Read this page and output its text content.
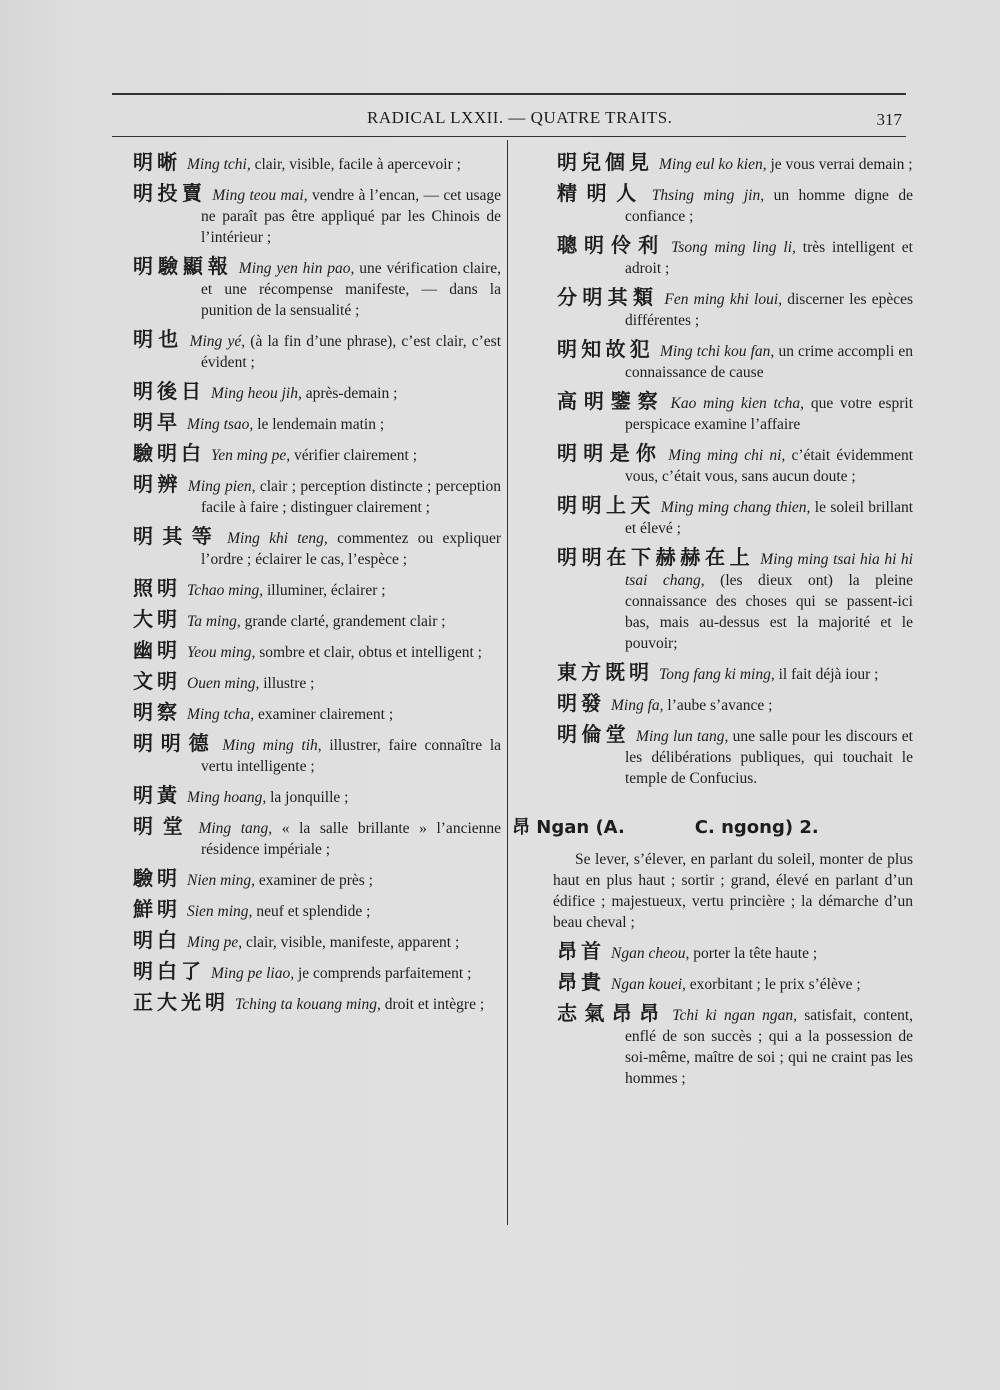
RADICAL LXXII. — QUATRE TRAITS.	317
明晰 Ming tchi, clair, visible, facile à apercevoir ;
明投賣 Ming teou mai, vendre à l’encan, — cet usage ne paraît pas être appliqué par les Chinois de l’intérieur ;
明驗顯報 Ming yen hin pao, une vérification claire, et une récompense manifeste, — dans la punition de la sensualité ;
明也 Ming yé, (à la fin d’une phrase), c’est clair, c’est évident ;
明後日 Ming heou jih, après-demain ;
明早 Ming tsao, le lendemain matin ;
驗明白 Yen ming pe, vérifier clairement ;
明辨 Ming pien, clair ; perception distincte ; perception facile à faire ; distinguer clairement ;
明其等 Ming khi teng, commentez ou expliquer l’ordre ; éclairer le cas, l’espèce ;
照明 Tchao ming, illuminer, éclairer ;
大明 Ta ming, grande clarté, grandement clair ;
幽明 Yeou ming, sombre et clair, obtus et intelligent ;
文明 Ouen ming, illustre ;
明察 Ming tcha, examiner clairement ;
明明德 Ming ming tih, illustrer, faire connaître la vertu intelligente ;
明黃 Ming hoang, la jonquille ;
明堂 Ming tang, « la salle brillante » l’ancienne résidence impériale ;
驗明 Nien ming, examiner de près ;
鮮明 Sien ming, neuf et splendide ;
明白 Ming pe, clair, visible, manifeste, apparent ;
明白了 Ming pe liao, je comprends parfaitement ;
正大光明 Tching ta kouang ming, droit et intègre ;
明兒個見 Ming eul ko kien, je vous verrai demain ;
精明人 Thsing ming jin, un homme digne de confiance ;
聰明伶利 Tsong ming ling li, très intelligent et adroit ;
分明其類 Fen ming khi loui, discerner les epèces différentes ;
明知故犯 Ming tchi kou fan, un crime accompli en connaissance de cause
高明鑒察 Kao ming kien tcha, que votre esprit perspicace examine l’affaire
明明是你 Ming ming chi ni, c’était évidemment vous, c’était vous, sans aucun doute ;
明明上天 Ming ming chang thien, le soleil brillant et élevé ;
明明在下赫赫在上 Ming ming tsai hia hi hi tsai chang, (les dieux ont) la pleine connaissance des choses qui se passent-ici bas, mais au-dessus est la majorité et le pouvoir;
東方既明 Tong fang ki ming, il fait déjà iour ;
明發 Ming fa, l’aube s’avance ;
明倫堂 Ming lun tang, une salle pour les discours et les délibérations publiques, qui touchait le temple de Confucius.
昂 Ngan (A.	C. ngong) 2.
Se lever, s’élever, en parlant du soleil, monter de plus haut en plus haut ; sortir ; grand, élevé en parlant d’un édifice ; majestueux, vertu princière ; la démarche d’un beau cheval ;
昂首 Ngan cheou, porter la tête haute ;
昂貴 Ngan kouei, exorbitant ; le prix s’élève ;
志氣昂昂 Tchi ki ngan ngan, satisfait, content, enflé de son succès ; qui a la possession de soi-même, maître de soi ; qui ne craint pas les hommes ;
